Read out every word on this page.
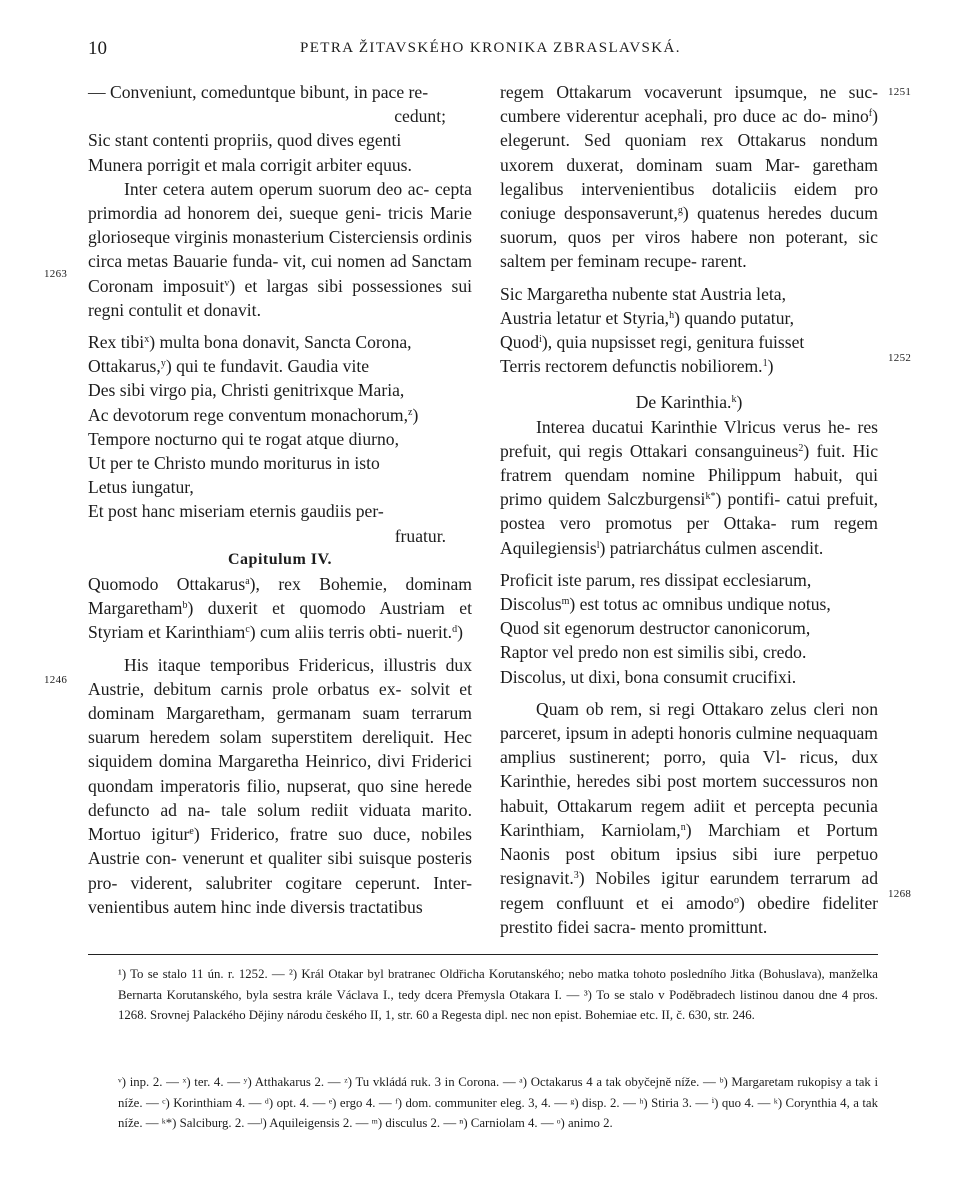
10	PETRA ŽITAVSKÉHO KRONIKA ZBRASLAVSKÁ.
1263
1246
1251
1252
1268

— Conveniunt, comeduntque bibunt, in pace re-

cedunt;

Sic stant contenti propriis, quod dives egenti

Munera porrigit et mala corrigit arbiter equus.

Inter cetera autem operum suorum deo ac- cepta primordia ad honorem dei, sueque geni- tricis Marie glorioseque virginis monasterium Cisterciensis ordinis circa metas Bauarie funda- vit, cui nomen ad Sanctam Coronam imposuit$^v$) et largas sibi possessiones sui regni contulit et donavit.

Rex tibi$^x$) multa bona donavit, Sancta Corona,

Ottakarus,$^y$) qui te fundavit. Gaudia vite

Des sibi virgo pia, Christi genitrixque Maria,

Ac devotorum rege conventum monachorum,$^z$)

Tempore nocturno qui te rogat atque diurno,

Ut per te Christo mundo moriturus in isto

Letus iungatur,

Et post hanc miseriam eternis gaudiis per-

fruatur.

Capitulum IV.

Quomodo Ottakarus$^a$), rex Bohemie, dominam Margaretham$^b$) duxerit et quomodo Austriam et Styriam et Karinthiam$^c$) cum aliis terris obti- nuerit.$^d$)

His itaque temporibus Fridericus, illustris dux Austrie, debitum carnis prole orbatus ex- solvit et dominam Margaretham, germanam suam terrarum suarum heredem solam superstitem dereliquit. Hec siquidem domina Margaretha Heinrico, divi Friderici quondam imperatoris filio, nupserat, quo sine herede defuncto ad na- tale solum rediit viduata marito. Mortuo igitur$^e$) Friderico, fratre suo duce, nobiles Austrie con- venerunt et qualiter sibi suisque posteris pro- viderent, salubriter cogitare ceperunt. Inter- venientibus autem hinc inde diversis tractatibus

regem Ottakarum vocaverunt ipsumque, ne suc- cumbere viderentur acephali, pro duce ac do- mino$^f$) elegerunt. Sed quoniam rex Ottakarus nondum uxorem duxerat, dominam suam Mar- garetham legalibus intervenientibus dotaliciis eidem pro coniuge desponsaverunt,$^g$) quatenus heredes ducum suorum, quos per viros habere non poterant, sic saltem per feminam recupe- rarent.

Sic Margaretha nubente stat Austria leta,

Austria letatur et Styria,$^h$) quando putatur,

Quod$^i$), quia nupsisset regi, genitura fuisset

Terris rectorem defunctis nobiliorem.$^1$)

De Karinthia.$^k$)

Interea ducatui Karinthie Vlricus verus he- res prefuit, qui regis Ottakari consanguineus$^2$) fuit. Hic fratrem quendam nomine Philippum habuit, qui primo quidem Salczburgensi$^{k*}$) pontifi- catui prefuit, postea vero promotus per Ottaka- rum regem Aquilegiensis$^l$) patriarchátus culmen ascendit.

Proficit iste parum, res dissipat ecclesiarum,

Discolus$^m$) est totus ac omnibus undique notus,

Quod sit egenorum destructor canonicorum,

Raptor vel predo non est similis sibi, credo.

Discolus, ut dixi, bona consumit crucifixi.

Quam ob rem, si regi Ottakaro zelus cleri non parceret, ipsum in adepti honoris culmine nequaquam amplius sustinerent; porro, quia Vl- ricus, dux Karinthie, heredes sibi post mortem successuros non habuit, Ottakarum regem adiit et percepta pecunia Karinthiam, Karniolam,$^n$) Marchiam et Portum Naonis post obitum ipsius sibi iure perpetuo resignavit.$^3$) Nobiles igitur earundem terrarum ad regem confluunt et ei amodo$^o$) obedire fideliter prestito fidei sacra- mento promittunt.

¹) To se stalo 11 ún. r. 1252. — ²) Král Otakar byl bratranec Oldřicha Korutanského; nebo matka tohoto posledního Jitka (Bohuslava), manželka Bernarta Korutanského, byla sestra krále Václava I., tedy dcera Přemysla Otakara I. — ³) To se stalo v Poděbradech listinou danou dne 4 pros. 1268. Srovnej Palackého Dějiny národu českého II, 1, str. 60 a Regesta dipl. nec non epist. Bohemiae etc. II, č. 630, str. 246.
ᵛ) inp. 2. — ˣ) ter. 4. — ʸ) Atthakarus 2. — ᶻ) Tu vkládá ruk. 3 in Corona. — ᵃ) Octakarus 4 a tak obyčejně níže. — ᵇ) Margaretam rukopisy a tak i níže. — ᶜ) Korinthiam 4. — ᵈ) opt. 4. — ᵉ) ergo 4. — ᶠ) dom. communiter eleg. 3, 4. — ᵍ) disp. 2. — ʰ) Stiria 3. — ⁱ) quo 4. — ᵏ) Corynthia 4, a tak níže. — ᵏ*) Salciburg. 2. —ˡ) Aquileigensis 2. — ᵐ) disculus 2. — ⁿ) Carniolam 4. — ᵒ) animo 2.
